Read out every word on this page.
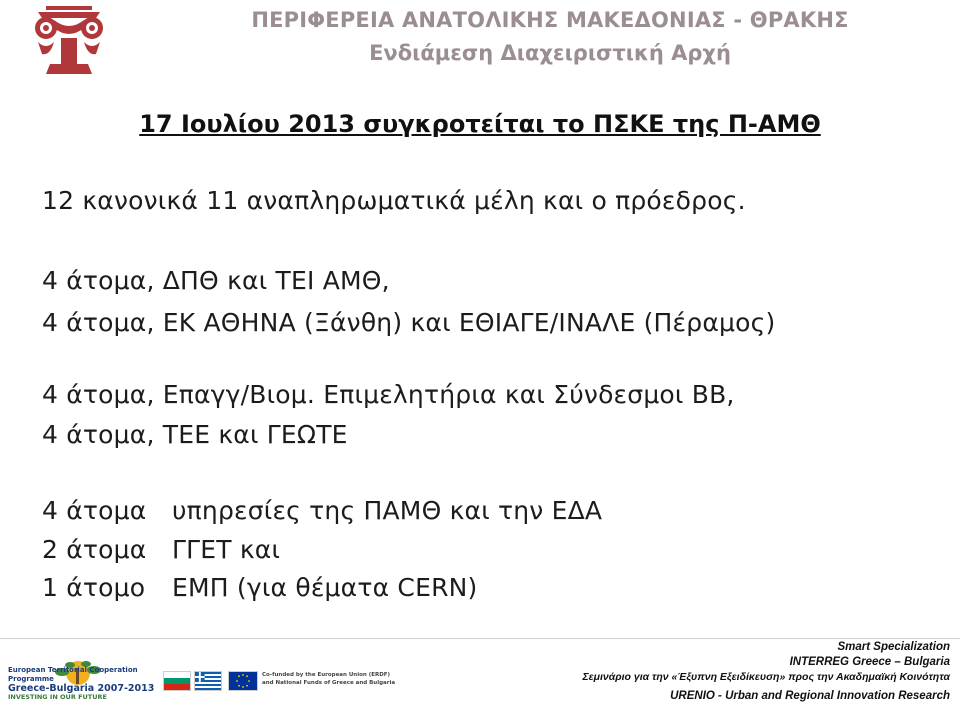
ΠΕΡΙΦΕΡΕΙΑ ΑΝΑΤΟΛΙΚΗΣ ΜΑΚΕΔΟΝΙΑΣ - ΘΡΑΚΗΣ
Ενδιάμεση Διαχειριστική Αρχή
17 Ιουλίου 2013 συγκροτείται το ΠΣΚΕ της Π-ΑΜΘ
12 κανονικά 11 αναπληρωματικά μέλη και ο πρόεδρος.
4 άτομα, ΔΠΘ και ΤΕΙ ΑΜΘ,
4 άτομα, ΕΚ ΑΘΗΝΑ (Ξάνθη) και ΕΘΙΑΓΕ/ΙΝΑΛΕ (Πέραμος)
4 άτομα, Επαγγ/Βιομ. Επιμελητήρια και Σύνδεσμοι ΒΒ,
4 άτομα, ΤΕΕ και ΓΕΩΤΕ
4 άτομα υπηρεσίες της ΠΑΜΘ και την ΕΔΑ
2 άτομα ΓΓΕΤ και
1 άτομο ΕΜΠ (για θέματα CERN)
European Territorial Cooperation Programme
Greece-Bulgaria 2007-2013
INVESTING IN OUR FUTURE
Co-funded by the European Union (ERDF)
and National Funds of Greece and Bulgaria
Smart Specialization
INTERREG Greece – Bulgaria
Σεμινάριο για την «Έξυπνη Εξειδίκευση» προς την Ακαδημαϊκή Κοινότητα
URENIO - Urban and Regional Innovation Research
